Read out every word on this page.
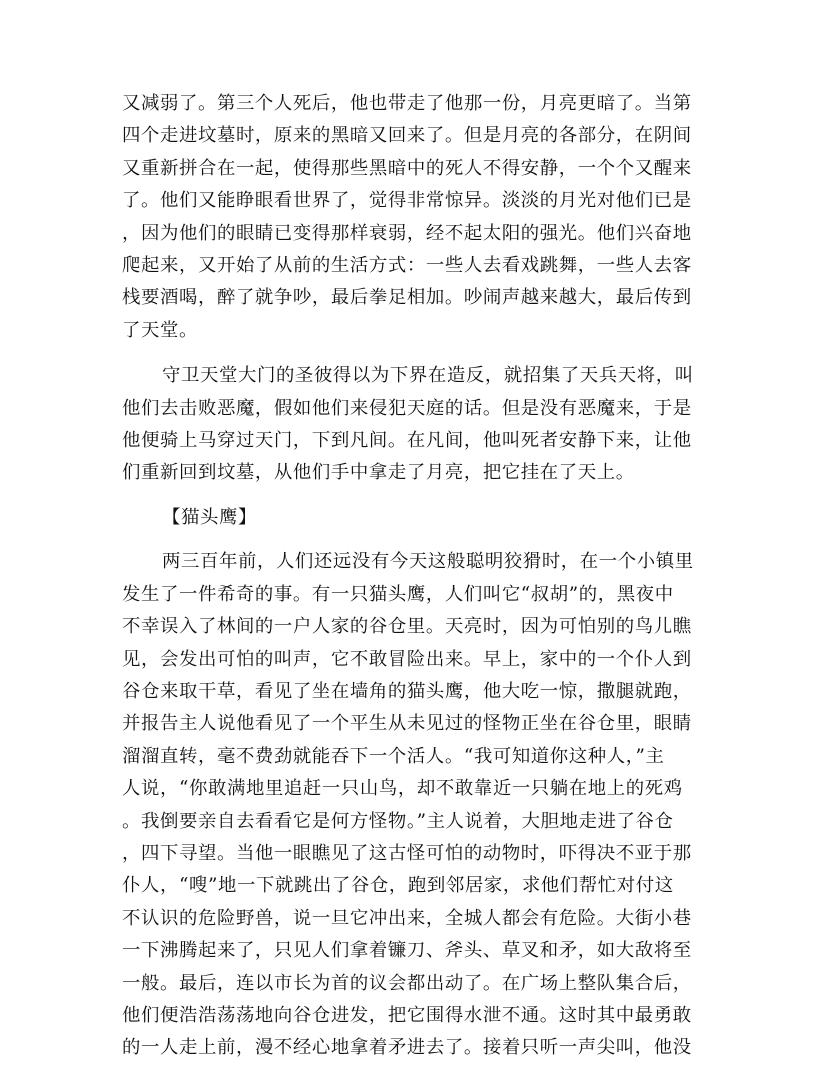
又减弱了。第三个人死后，他也带走了他那一份，月亮更暗了。当第
四个走进坟墓时，原来的黑暗又回来了。但是月亮的各部分，在阴间
又重新拼合在一起，使得那些黑暗中的死人不得安静，一个个又醒来
了。他们又能睁眼看世界了，觉得非常惊异。淡淡的月光对他们已是
，因为他们的眼睛已变得那样衰弱，经不起太阳的强光。他们兴奋地
爬起来，又开始了从前的生活方式：一些人去看戏跳舞，一些人去客
栈要酒喝，醉了就争吵，最后拳足相加。吵闹声越来越大，最后传到
了天堂。

守卫天堂大门的圣彼得以为下界在造反，就招集了天兵天将，叫
他们去击败恶魔，假如他们来侵犯天庭的话。但是没有恶魔来，于是
他便骑上马穿过天门，下到凡间。在凡间，他叫死者安静下来，让他
们重新回到坟墓，从他们手中拿走了月亮，把它挂在了天上。

【猫头鹰】

两三百年前，人们还远没有今天这般聪明狡猾时，在一个小镇里
发生了一件希奇的事。有一只猫头鹰，人们叫它“叔胡”的，黑夜中
不幸误入了林间的一户人家的谷仓里。天亮时，因为可怕别的鸟儿瞧
见，会发出可怕的叫声，它不敢冒险出来。早上，家中的一个仆人到
谷仓来取干草，看见了坐在墙角的猫头鹰，他大吃一惊，撒腿就跑，
并报告主人说他看见了一个平生从未见过的怪物正坐在谷仓里，眼睛
溜溜直转，毫不费劲就能吞下一个活人。“我可知道你这种人，”主
人说，“你敢满地里追赶一只山鸟，却不敢靠近一只躺在地上的死鸡
。我倒要亲自去看看它是何方怪物。”主人说着，大胆地走进了谷仓
，四下寻望。当他一眼瞧见了这古怪可怕的动物时，吓得决不亚于那
仆人，“嗖”地一下就跳出了谷仓，跑到邻居家，求他们帮忙对付这
不认识的危险野兽，说一旦它冲出来，全城人都会有危险。大街小巷
一下沸腾起来了，只见人们拿着镰刀、斧头、草叉和矛，如大敌将至
一般。最后，连以市长为首的议会都出动了。在广场上整队集合后，
他们便浩浩荡荡地向谷仓进发，把它围得水泄不通。这时其中最勇敢
的一人走上前，漫不经心地拿着矛进去了。接着只听一声尖叫，他没
